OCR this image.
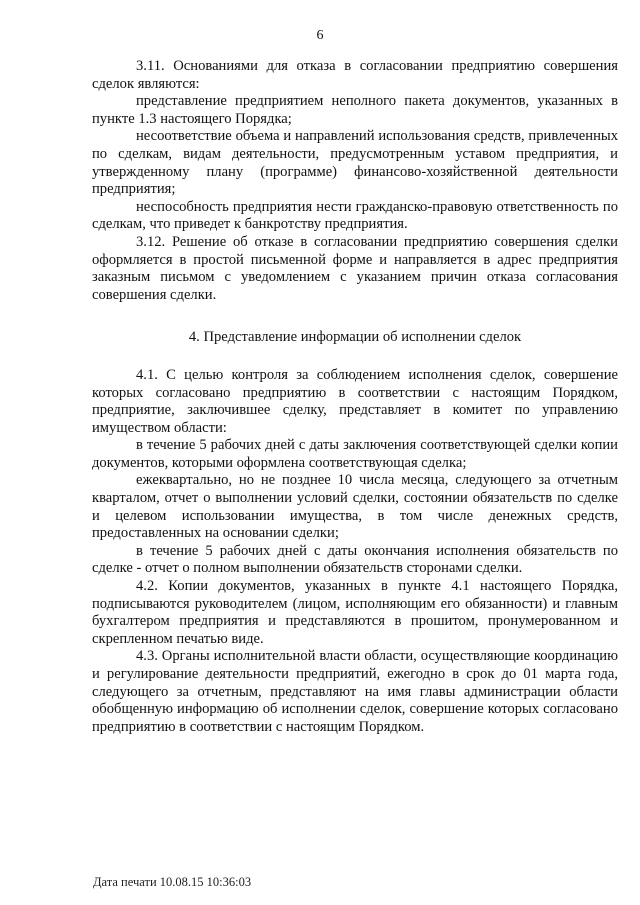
6

3.11. Основаниями для отказа в согласовании предприятию совершения сделок являются:

представление предприятием неполного пакета документов, указанных в пункте 1.3 настоящего Порядка;

несоответствие объема и направлений использования средств, привлеченных по сделкам, видам деятельности, предусмотренным уставом предприятия, и утвержденному плану (программе) финансово-хозяйственной деятельности предприятия;

неспособность предприятия нести гражданско-правовую ответственность по сделкам, что приведет к банкротству предприятия.

3.12. Решение об отказе в согласовании предприятию совершения сделки оформляется в простой письменной форме и направляется в адрес предприятия заказным письмом с уведомлением с указанием причин отказа согласования совершения сделки.

4. Представление информации об исполнении сделок

4.1. С целью контроля за соблюдением исполнения сделок, совершение которых согласовано предприятию в соответствии с настоящим Порядком, предприятие, заключившее сделку, представляет в комитет по управлению имуществом области:

в течение 5 рабочих дней с даты заключения соответствующей сделки копии документов, которыми оформлена соответствующая сделка;

ежеквартально, но не позднее 10 числа месяца, следующего за отчетным кварталом, отчет о выполнении условий сделки, состоянии обязательств по сделке и целевом использовании имущества, в том числе денежных средств, предоставленных на основании сделки;

в течение 5 рабочих дней с даты окончания исполнения обязательств по сделке - отчет о полном выполнении обязательств сторонами сделки.

4.2. Копии документов, указанных в пункте 4.1 настоящего Порядка, подписываются руководителем (лицом, исполняющим его обязанности) и главным бухгалтером предприятия и представляются в прошитом, пронумерованном и скрепленном печатью виде.

4.3. Органы исполнительной власти области, осуществляющие координацию и регулирование деятельности предприятий, ежегодно в срок до 01 марта года, следующего за отчетным, представляют на имя главы администрации области обобщенную информацию об исполнении сделок, совершение которых согласовано предприятию в соответствии с настоящим Порядком.

Дата печати 10.08.15 10:36:03
